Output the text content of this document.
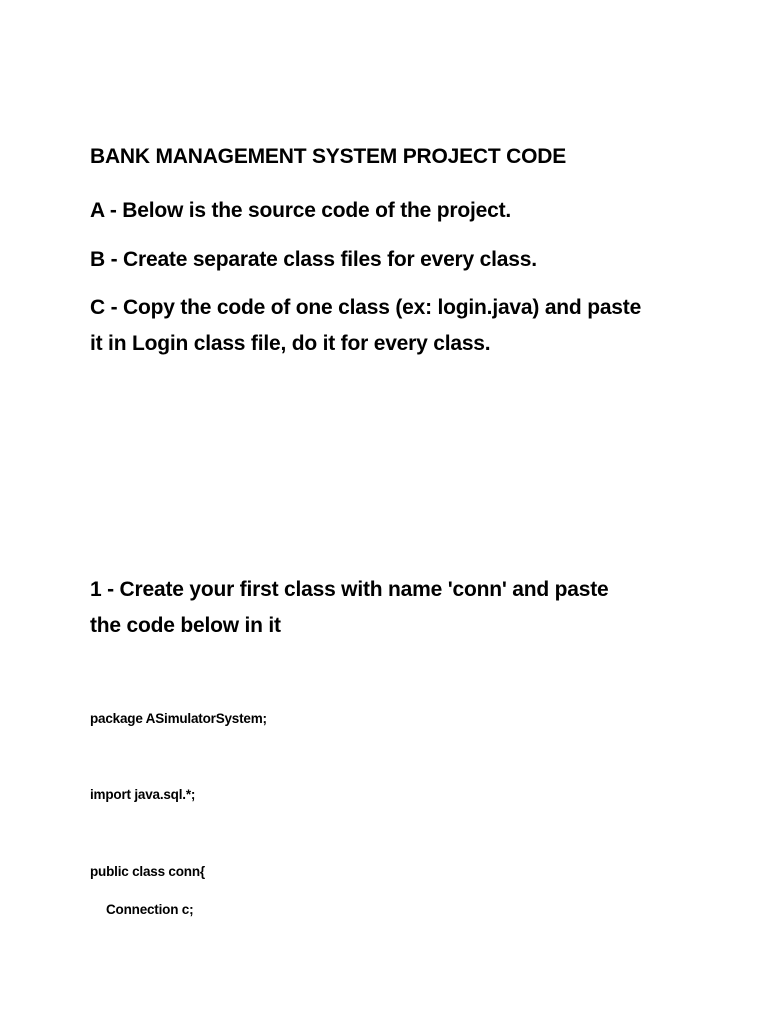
BANK MANAGEMENT SYSTEM PROJECT CODE

A - Below is the source code of the project.

B - Create separate class files for every class.

C - Copy the code of one class (ex: login.java) and paste

it in Login class file, do it for every class.

1 - Create your first class with name 'conn' and paste

the code below in it

package ASimulatorSystem;

import java.sql.*;

public class conn{

Connection c;
